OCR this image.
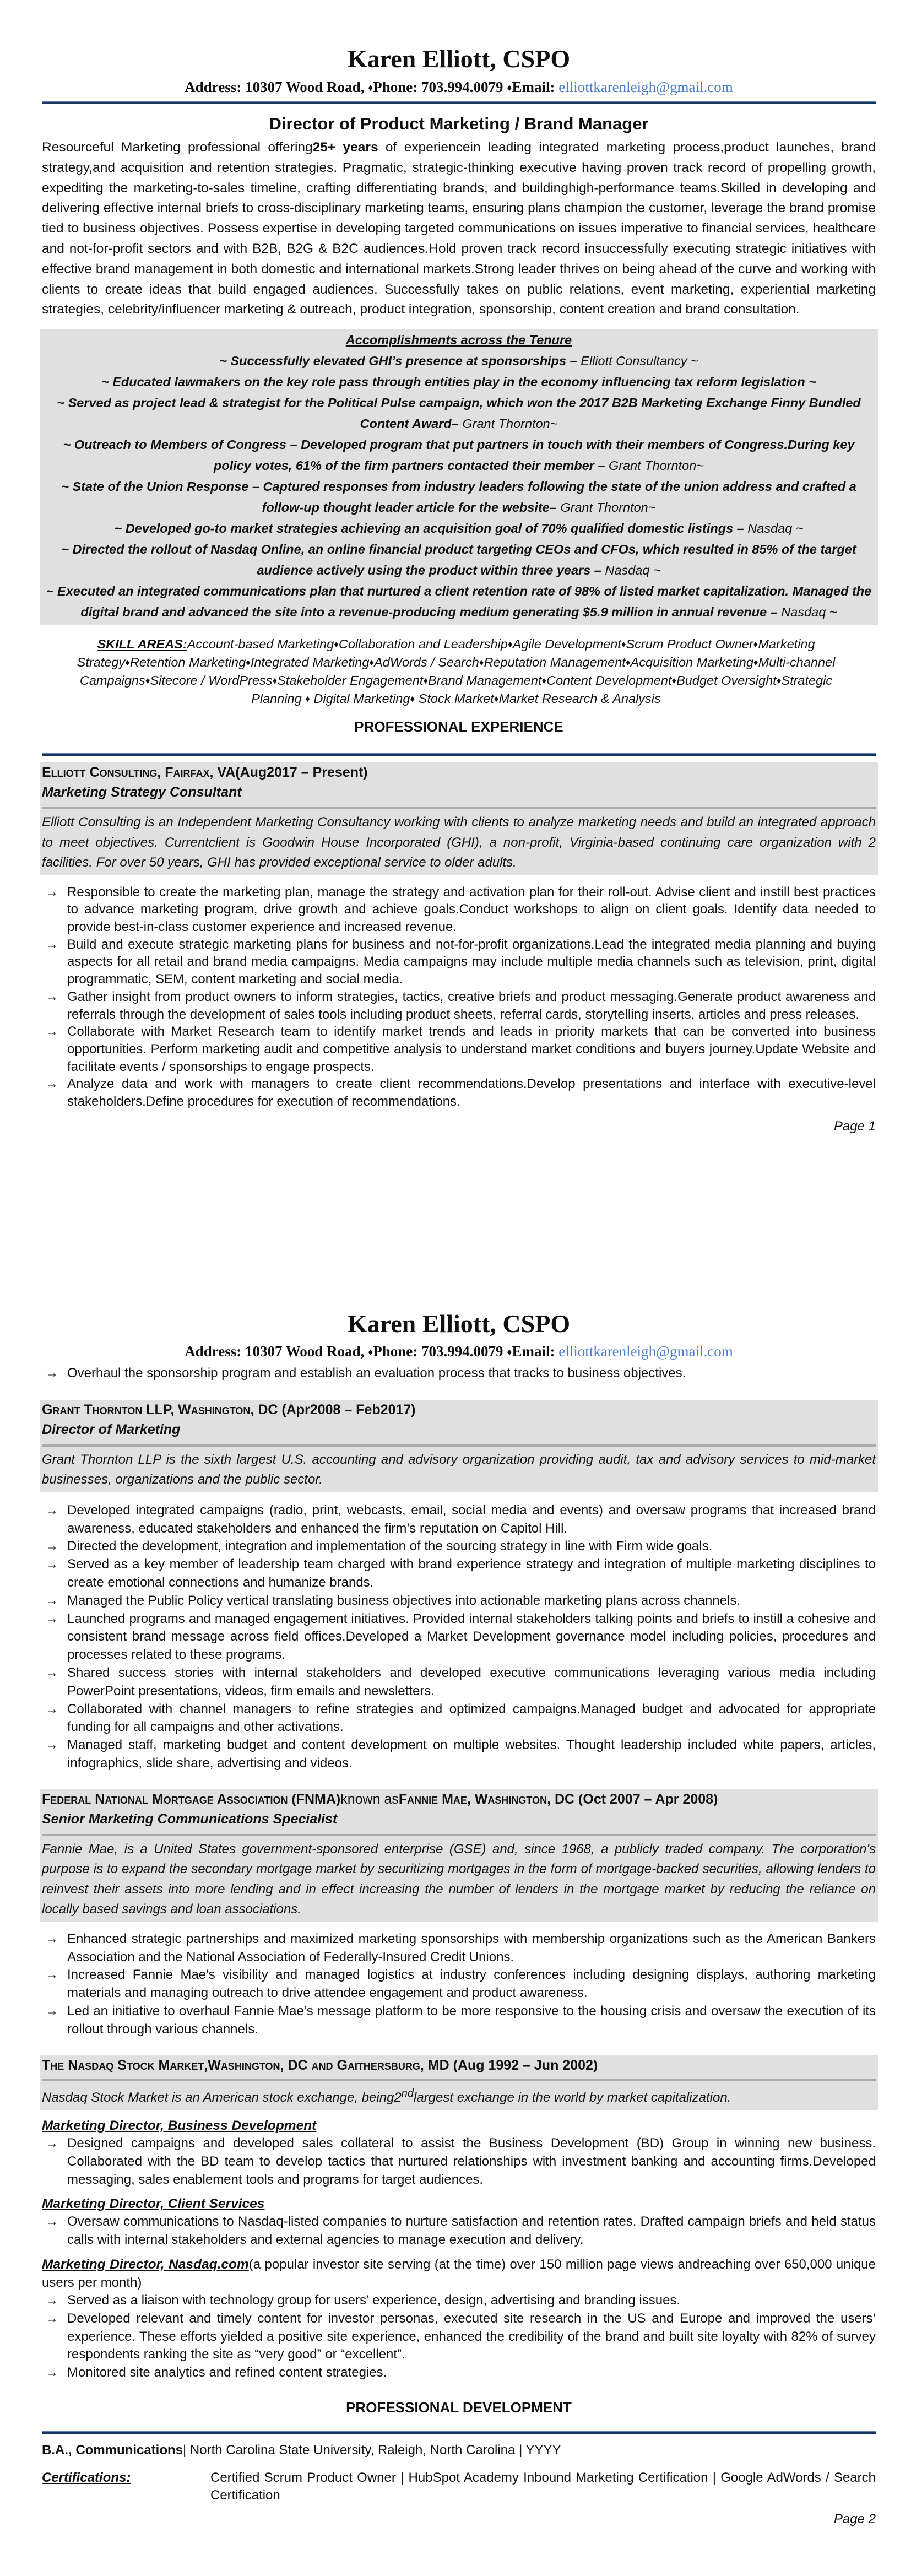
Karen Elliott, CSPO
Address: 10307 Wood Road, ♦Phone: 703.994.0079 ♦Email: elliottkarenleigh@gmail.com
Director of Product Marketing / Brand Manager
Resourceful Marketing professional offering25+ years of experiencein leading integrated marketing process,product launches, brand strategy,and acquisition and retention strategies. Pragmatic, strategic-thinking executive having proven track record of propelling growth, expediting the marketing-to-sales timeline, crafting differentiating brands, and buildinghigh-performance teams.Skilled in developing and delivering effective internal briefs to cross-disciplinary marketing teams, ensuring plans champion the customer, leverage the brand promise tied to business objectives. Possess expertise in developing targeted communications on issues imperative to financial services, healthcare and not-for-profit sectors and with B2B, B2G & B2C audiences.Hold proven track record insuccessfully executing strategic initiatives with effective brand management in both domestic and international markets.Strong leader thrives on being ahead of the curve and working with clients to create ideas that build engaged audiences. Successfully takes on public relations, event marketing, experiential marketing strategies, celebrity/influencer marketing & outreach, product integration, sponsorship, content creation and brand consultation.
Accomplishments across the Tenure
~ Successfully elevated GHI’s presence at sponsorships – Elliott Consultancy ~
~ Educated lawmakers on the key role pass through entities play in the economy influencing tax reform legislation ~
~ Served as project lead & strategist for the Political Pulse campaign, which won the 2017 B2B Marketing Exchange Finny Bundled Content Award– Grant Thornton~
~ Outreach to Members of Congress – Developed program that put partners in touch with their members of Congress.During key policy votes, 61% of the firm partners contacted their member – Grant Thornton~
~ State of the Union Response – Captured responses from industry leaders following the state of the union address and crafted a follow-up thought leader article for the website– Grant Thornton~
~ Developed go-to market strategies achieving an acquisition goal of 70% qualified domestic listings – Nasdaq ~
~ Directed the rollout of Nasdaq Online, an online financial product targeting CEOs and CFOs, which resulted in 85% of the target audience actively using the product within three years – Nasdaq ~
~ Executed an integrated communications plan that nurtured a client retention rate of 98% of listed market capitalization. Managed the digital brand and advanced the site into a revenue-producing medium generating $5.9 million in annual revenue – Nasdaq ~
SKILL AREAS:Account-based Marketing♦Collaboration and Leadership♦Agile Development♦Scrum Product Owner♦Marketing Strategy♦Retention Marketing♦Integrated Marketing♦AdWords / Search♦Reputation Management♦Acquisition Marketing♦Multi-channel Campaigns♦Sitecore / WordPress♦Stakeholder Engagement♦Brand Management♦Content Development♦Budget Oversight♦Strategic Planning ♦ Digital Marketing♦ Stock Market♦Market Research & Analysis
PROFESSIONAL EXPERIENCE
Elliott Consulting, Fairfax, VA(Aug2017 – Present)
Marketing Strategy Consultant
Elliott Consulting is an Independent Marketing Consultancy working with clients to analyze marketing needs and build an integrated approach to meet objectives. Currentclient is Goodwin House Incorporated (GHI), a non-profit, Virginia-based continuing care organization with 2 facilities. For over 50 years, GHI has provided exceptional service to older adults.
→ Responsible to create the marketing plan, manage the strategy and activation plan for their roll-out. Advise client and instill best practices to advance marketing program, drive growth and achieve goals.Conduct workshops to align on client goals. Identify data needed to provide best-in-class customer experience and increased revenue.
→ Build and execute strategic marketing plans for business and not-for-profit organizations.Lead the integrated media planning and buying aspects for all retail and brand media campaigns. Media campaigns may include multiple media channels such as television, print, digital programmatic, SEM, content marketing and social media.
→ Gather insight from product owners to inform strategies, tactics, creative briefs and product messaging.Generate product awareness and referrals through the development of sales tools including product sheets, referral cards, storytelling inserts, articles and press releases.
→ Collaborate with Market Research team to identify market trends and leads in priority markets that can be converted into business opportunities. Perform marketing audit and competitive analysis to understand market conditions and buyers journey.Update Website and facilitate events / sponsorships to engage prospects.
→ Analyze data and work with managers to create client recommendations.Develop presentations and interface with executive-level stakeholders.Define procedures for execution of recommendations.
Page 1
Karen Elliott, CSPO
Address: 10307 Wood Road, ♦Phone: 703.994.0079 ♦Email: elliottkarenleigh@gmail.com
→ Overhaul the sponsorship program and establish an evaluation process that tracks to business objectives.
Grant Thornton LLP, Washington, DC (Apr2008 – Feb2017)
Director of Marketing
Grant Thornton LLP is the sixth largest U.S. accounting and advisory organization providing audit, tax and advisory services to mid-market businesses, organizations and the public sector.
→ Developed integrated campaigns (radio, print, webcasts, email, social media and events) and oversaw programs that increased brand awareness, educated stakeholders and enhanced the firm’s reputation on Capitol Hill.
→ Directed the development, integration and implementation of the sourcing strategy in line with Firm wide goals.
→ Served as a key member of leadership team charged with brand experience strategy and integration of multiple marketing disciplines to create emotional connections and humanize brands.
→ Managed the Public Policy vertical translating business objectives into actionable marketing plans across channels.
→ Launched programs and managed engagement initiatives. Provided internal stakeholders talking points and briefs to instill a cohesive and consistent brand message across field offices.Developed a Market Development governance model including policies, procedures and processes related to these programs.
→ Shared success stories with internal stakeholders and developed executive communications leveraging various media including PowerPoint presentations, videos, firm emails and newsletters.
→ Collaborated with channel managers to refine strategies and optimized campaigns.Managed budget and advocated for appropriate funding for all campaigns and other activations.
→ Managed staff, marketing budget and content development on multiple websites. Thought leadership included white papers, articles, infographics, slide share, advertising and videos.
Federal National Mortgage Association (FNMA)known asFannie Mae, Washington, DC (Oct 2007 – Apr 2008)
Senior Marketing Communications Specialist
Fannie Mae, is a United States government-sponsored enterprise (GSE) and, since 1968, a publicly traded company. The corporation's purpose is to expand the secondary mortgage market by securitizing mortgages in the form of mortgage-backed securities, allowing lenders to reinvest their assets into more lending and in effect increasing the number of lenders in the mortgage market by reducing the reliance on locally based savings and loan associations.
→ Enhanced strategic partnerships and maximized marketing sponsorships with membership organizations such as the American Bankers Association and the National Association of Federally-Insured Credit Unions.
→ Increased Fannie Mae's visibility and managed logistics at industry conferences including designing displays, authoring marketing materials and managing outreach to drive attendee engagement and product awareness.
→ Led an initiative to overhaul Fannie Mae’s message platform to be more responsive to the housing crisis and oversaw the execution of its rollout through various channels.
The Nasdaq Stock Market,Washington, DC and Gaithersburg, MD (Aug 1992 – Jun 2002)
Nasdaq Stock Market is an American stock exchange, being2ndlargest exchange in the world by market capitalization.
Marketing Director, Business Development
→ Designed campaigns and developed sales collateral to assist the Business Development (BD) Group in winning new business. Collaborated with the BD team to develop tactics that nurtured relationships with investment banking and accounting firms.Developed messaging, sales enablement tools and programs for target audiences.
Marketing Director, Client Services
→ Oversaw communications to Nasdaq-listed companies to nurture satisfaction and retention rates. Drafted campaign briefs and held status calls with internal stakeholders and external agencies to manage execution and delivery.
Marketing Director, Nasdaq.com(a popular investor site serving (at the time) over 150 million page views andreaching over 650,000 unique users per month)
→ Served as a liaison with technology group for users’ experience, design, advertising and branding issues.
→ Developed relevant and timely content for investor personas, executed site research in the US and Europe and improved the users’ experience. These efforts yielded a positive site experience, enhanced the credibility of the brand and built site loyalty with 82% of survey respondents ranking the site as “very good” or “excellent”.
→ Monitored site analytics and refined content strategies.
PROFESSIONAL DEVELOPMENT
B.A., Communications| North Carolina State University, Raleigh, North Carolina | YYYY
Certifications:	Certified Scrum Product Owner | HubSpot Academy Inbound Marketing Certification | Google AdWords / Search Certification
Page 2
